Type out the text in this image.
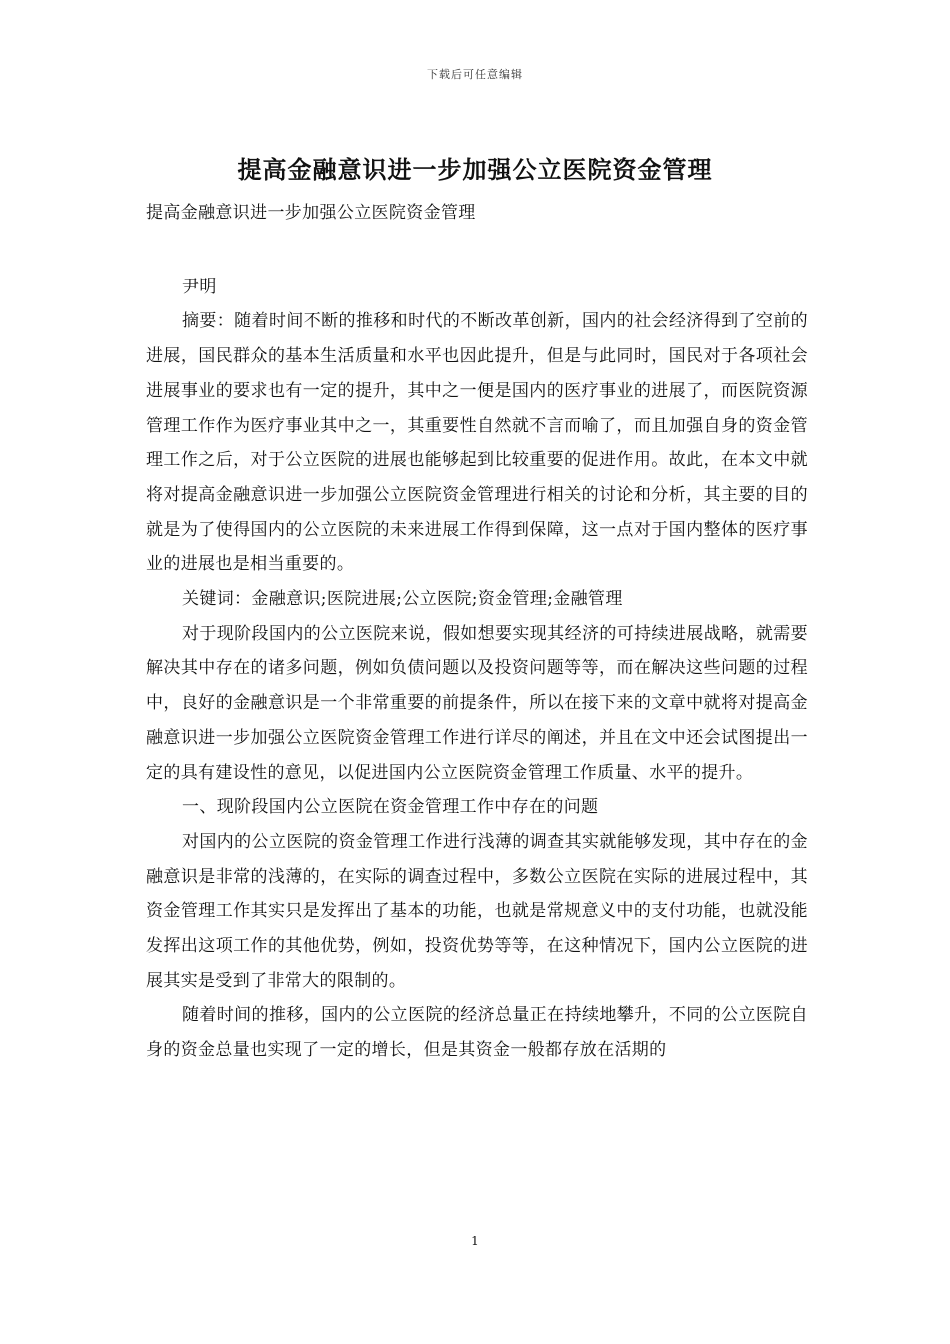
下载后可任意编辑
提高金融意识进一步加强公立医院资金管理

提高金融意识进一步加强公立医院资金管理

尹明

摘要：随着时间不断的推移和时代的不断改革创新，国内的社会经济得到了空前的进展，国民群众的基本生活质量和水平也因此提升，但是与此同时，国民对于各项社会进展事业的要求也有一定的提升，其中之一便是国内的医疗事业的进展了，而医院资源管理工作作为医疗事业其中之一，其重要性自然就不言而喻了，而且加强自身的资金管理工作之后，对于公立医院的进展也能够起到比较重要的促进作用。故此，在本文中就将对提高金融意识进一步加强公立医院资金管理进行相关的讨论和分析，其主要的目的就是为了使得国内的公立医院的未来进展工作得到保障，这一点对于国内整体的医疗事业的进展也是相当重要的。

关键词：金融意识;医院进展;公立医院;资金管理;金融管理

对于现阶段国内的公立医院来说，假如想要实现其经济的可持续进展战略，就需要解决其中存在的诸多问题，例如负债问题以及投资问题等等，而在解决这些问题的过程中，良好的金融意识是一个非常重要的前提条件，所以在接下来的文章中就将对提高金融意识进一步加强公立医院资金管理工作进行详尽的阐述，并且在文中还会试图提出一定的具有建设性的意见，以促进国内公立医院资金管理工作质量、水平的提升。

一、现阶段国内公立医院在资金管理工作中存在的问题

对国内的公立医院的资金管理工作进行浅薄的调查其实就能够发现，其中存在的金融意识是非常的浅薄的，在实际的调查过程中，多数公立医院在实际的进展过程中，其资金管理工作其实只是发挥出了基本的功能，也就是常规意义中的支付功能，也就没能发挥出这项工作的其他优势，例如，投资优势等等，在这种情况下，国内公立医院的进展其实是受到了非常大的限制的。

随着时间的推移，国内的公立医院的经济总量正在持续地攀升，不同的公立医院自身的资金总量也实现了一定的增长，但是其资金一般都存放在活期的

1
